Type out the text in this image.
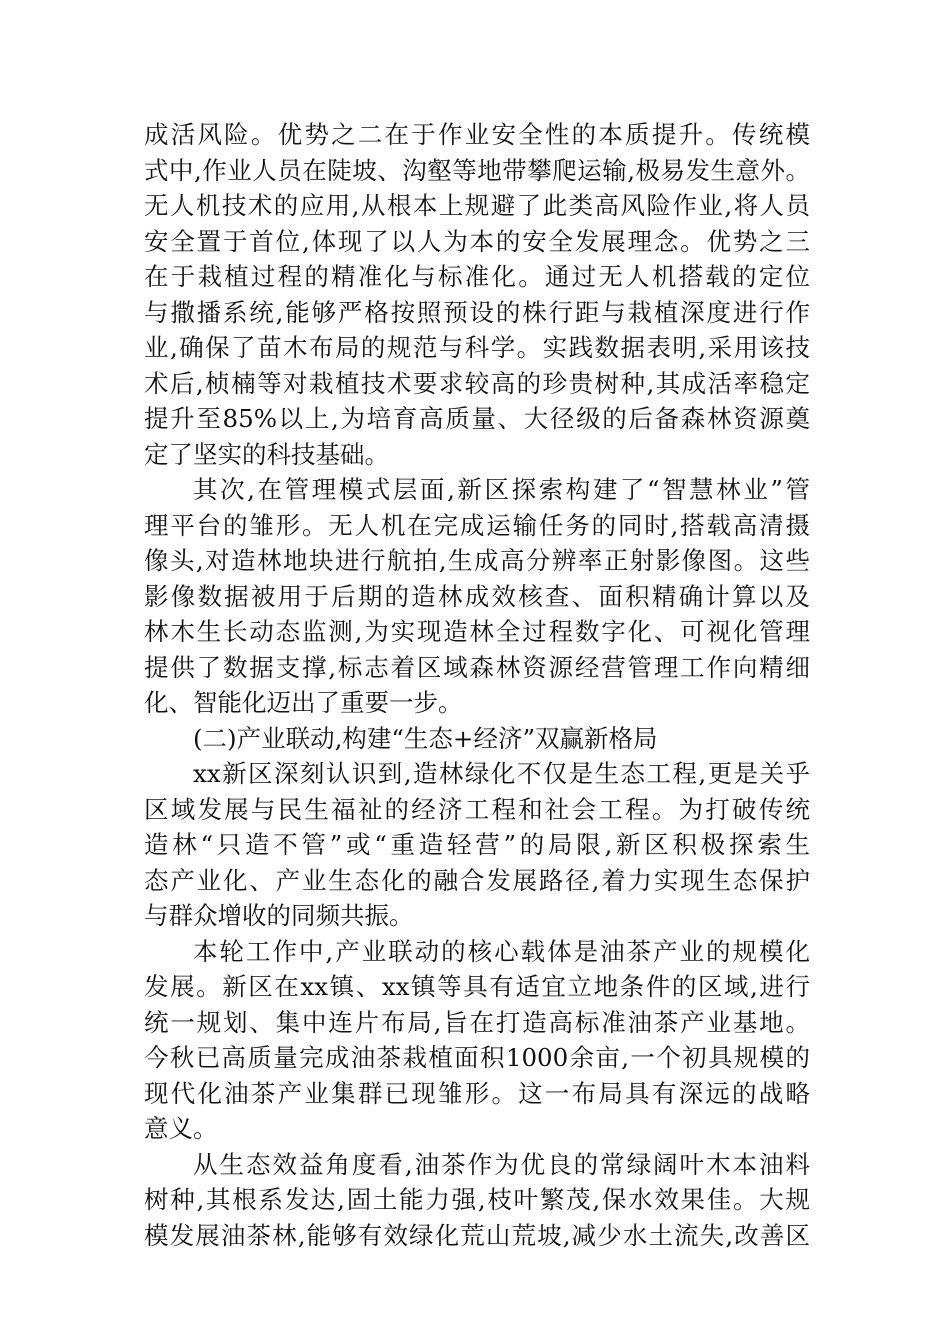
成活风险。优势之二在于作业安全性的本质提升。传统模
式中,作业人员在陡坡、沟壑等地带攀爬运输,极易发生意外。
无人机技术的应用,从根本上规避了此类高风险作业,将人员
安全置于首位,体现了以人为本的安全发展理念。优势之三
在于栽植过程的精准化与标准化。通过无人机搭载的定位
与撒播系统,能够严格按照预设的株行距与栽植深度进行作
业,确保了苗木布局的规范与科学。实践数据表明,采用该技
术后,桢楠等对栽植技术要求较高的珍贵树种,其成活率稳定
提升至85%以上,为培育高质量、大径级的后备森林资源奠
定了坚实的科技基础。
其次,在管理模式层面,新区探索构建了“智慧林业”管
理平台的雏形。无人机在完成运输任务的同时,搭载高清摄
像头,对造林地块进行航拍,生成高分辨率正射影像图。这些
影像数据被用于后期的造林成效核查、面积精确计算以及
林木生长动态监测,为实现造林全过程数字化、可视化管理
提供了数据支撑,标志着区域森林资源经营管理工作向精细
化、智能化迈出了重要一步。
(二)产业联动,构建“生态+经济”双赢新格局
xx新区深刻认识到,造林绿化不仅是生态工程,更是关乎
区域发展与民生福祉的经济工程和社会工程。为打破传统
造林“只造不管”或“重造轻营”的局限,新区积极探索生
态产业化、产业生态化的融合发展路径,着力实现生态保护
与群众增收的同频共振。
本轮工作中,产业联动的核心载体是油茶产业的规模化
发展。新区在xx镇、xx镇等具有适宜立地条件的区域,进行
统一规划、集中连片布局,旨在打造高标准油茶产业基地。
今秋已高质量完成油茶栽植面积1000余亩,一个初具规模的
现代化油茶产业集群已现雏形。这一布局具有深远的战略
意义。
从生态效益角度看,油茶作为优良的常绿阔叶木本油料
树种,其根系发达,固土能力强,枝叶繁茂,保水效果佳。大规
模发展油茶林,能够有效绿化荒山荒坡,减少水土流失,改善区
